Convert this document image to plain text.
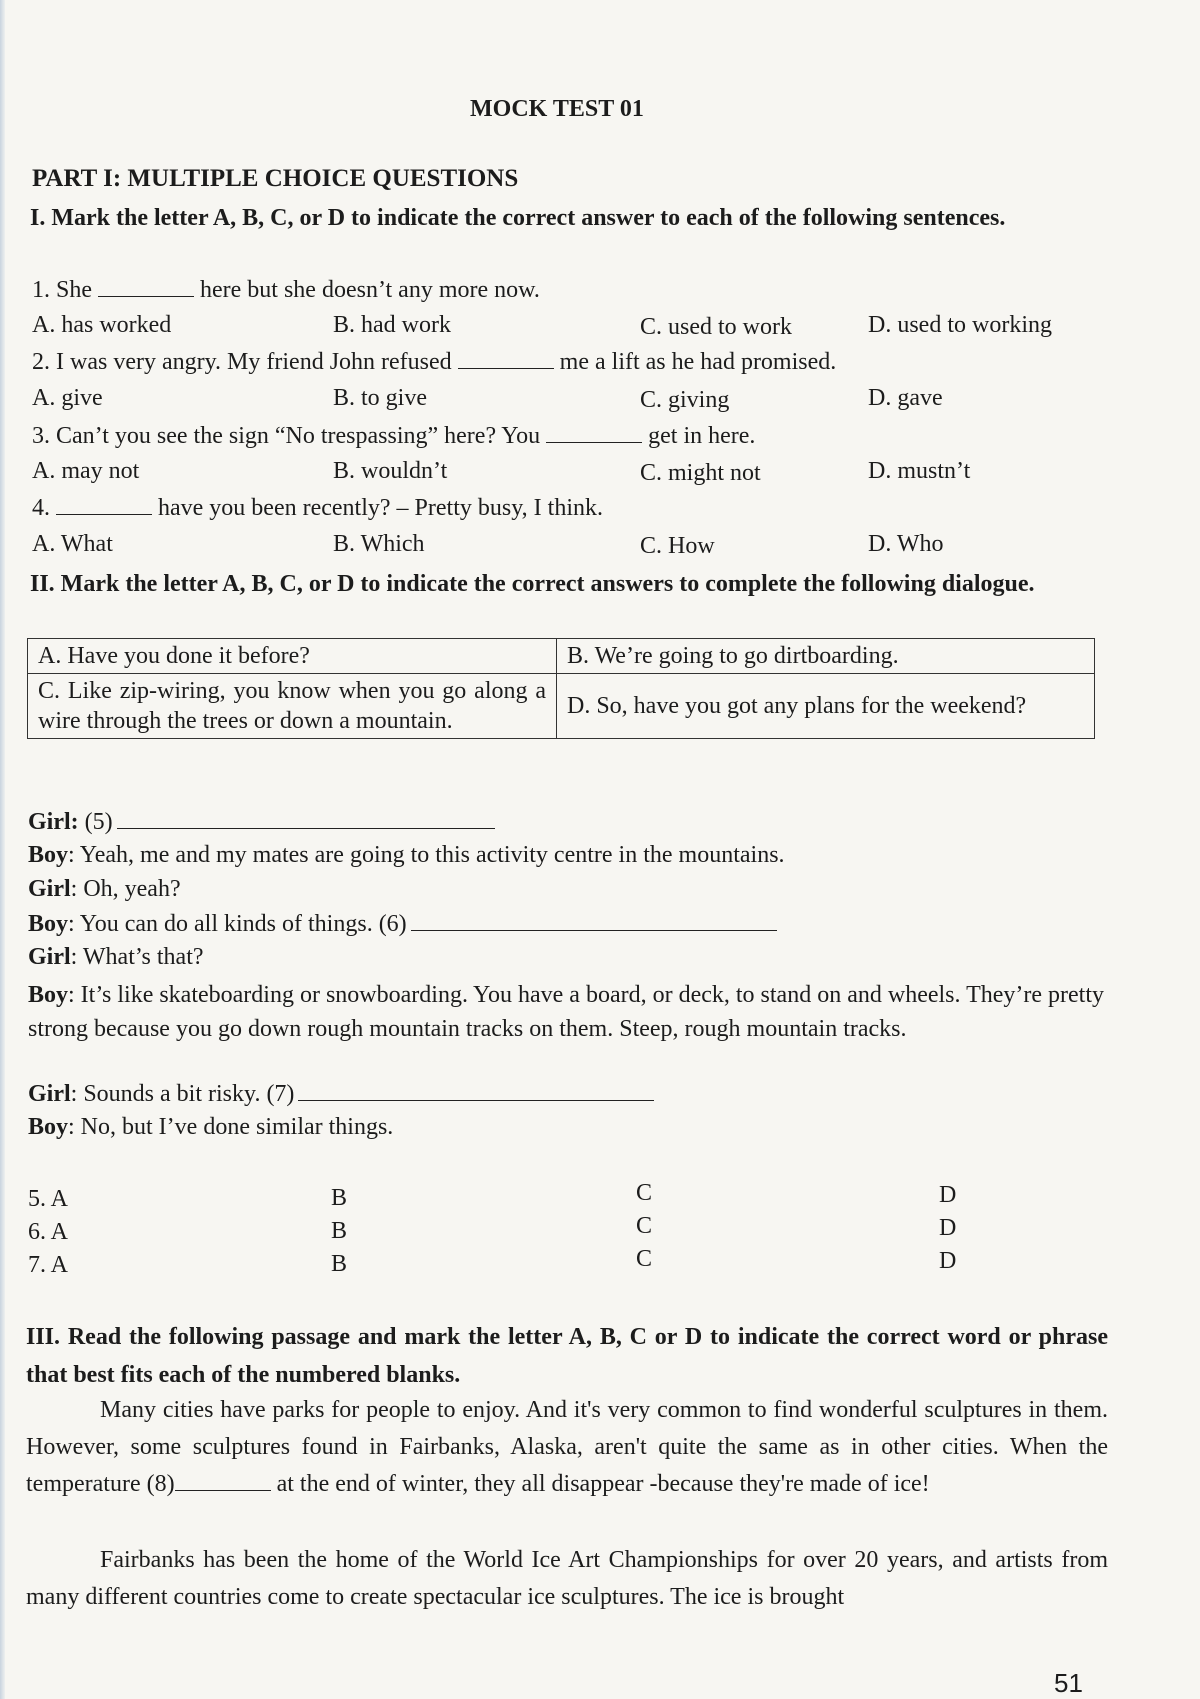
MOCK TEST 01
PART I: MULTIPLE CHOICE QUESTIONS
I. Mark the letter A, B, C, or D to indicate the correct answer to each of the following sentences.
1. She	here but she doesn’t any more now.
A. has worked	B. had work	C. used to work	D. used to working
2. I was very angry. My friend John refused	me a lift as he had promised.
A. give	B. to give	C. giving	D. gave
3. Can’t you see the sign “No trespassing” here? You	get in here.
A. may not	B. wouldn’t	C. might not	D. mustn’t
4.	have you been recently? – Pretty busy, I think.
A. What	B. Which	C. How	D. Who
II. Mark the letter A, B, C, or D to indicate the correct answers to complete the following dialogue.
A. Have you done it before?	B. We’re going to go dirtboarding.
C. Like zip-wiring, you know when you go along a wire through the trees or down a mountain.	D. So, have you got any plans for the weekend?
Girl: (5)
Boy: Yeah, me and my mates are going to this activity centre in the mountains.
Girl: Oh, yeah?
Boy: You can do all kinds of things. (6)
Girl: What’s that?
Boy: It’s like skateboarding or snowboarding. You have a board, or deck, to stand on and wheels. They’re pretty strong because you go down rough mountain tracks on them. Steep, rough mountain tracks.
Girl: Sounds a bit risky. (7)
Boy: No, but I’ve done similar things.
5. A	B	C	D
6. A	B	C	D
7. A	B	C	D
III. Read the following passage and mark the letter A, B, C or D to indicate the correct word or phrase that best fits each of the numbered blanks.
Many cities have parks for people to enjoy. And it's very common to find wonderful sculptures in them. However, some sculptures found in Fairbanks, Alaska, aren't quite the same as in other cities. When the temperature (8)	at the end of winter, they all disappear -because they're made of ice!
Fairbanks has been the home of the World Ice Art Championships for over 20 years, and artists from many different countries come to create spectacular ice sculptures. The ice is brought
51
